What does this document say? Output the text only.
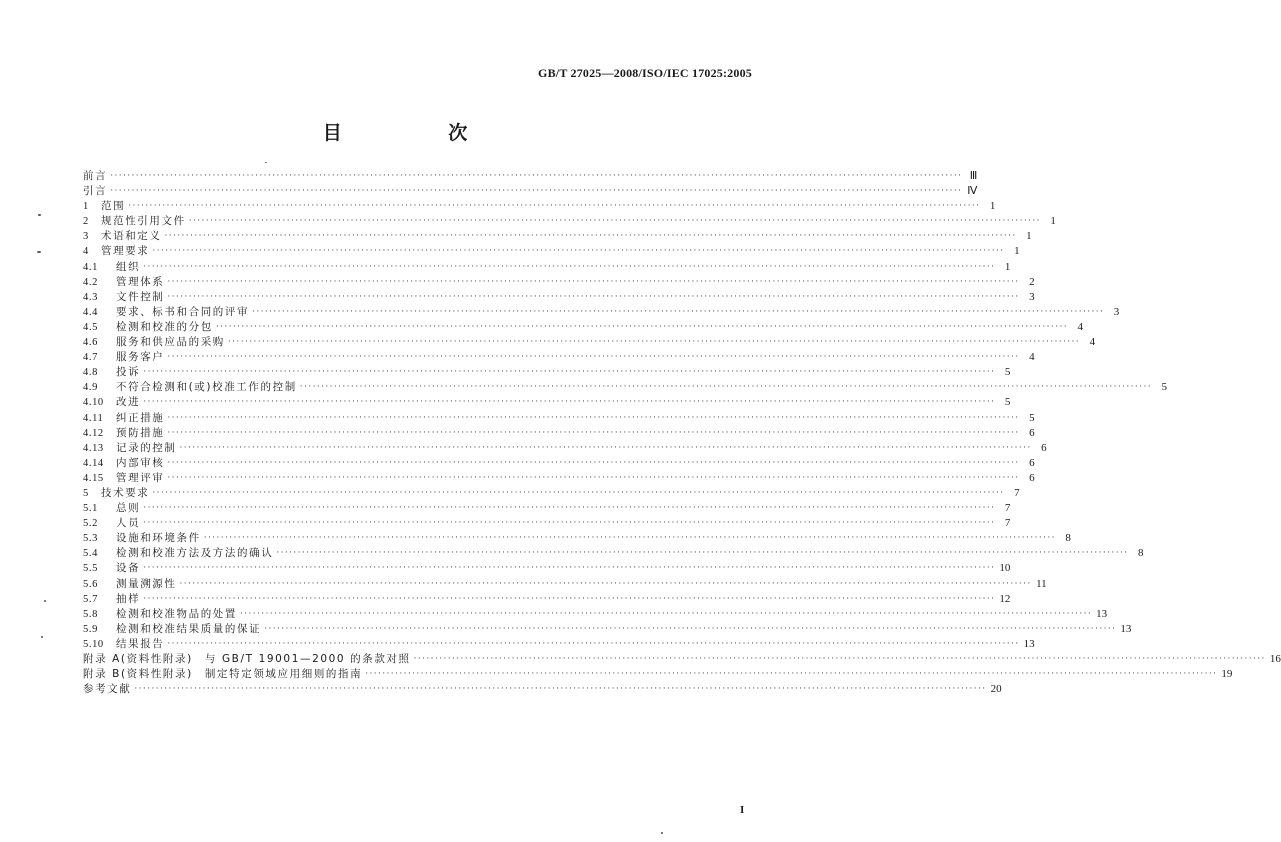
GB/T 27025—2008/ISO/IEC 17025:2005
目 次
前言 ········································································································································································································ Ⅲ
引言 ········································································································································································································ Ⅳ
1	范围 ········································································································································································································ 1
2	规范性引用文件 ········································································································································································································ 1
3	术语和定义 ········································································································································································································ 1
4	管理要求 ········································································································································································································ 1
4.1	组织 ········································································································································································································ 1
4.2	管理体系 ········································································································································································································ 2
4.3	文件控制 ········································································································································································································ 3
4.4	要求、标书和合同的评审 ········································································································································································································ 3
4.5	检测和校准的分包 ········································································································································································································ 4
4.6	服务和供应品的采购 ········································································································································································································ 4
4.7	服务客户 ········································································································································································································ 4
4.8	投诉 ········································································································································································································ 5
4.9	不符合检测和(或)校准工作的控制 ········································································································································································································ 5
4.10	改进 ········································································································································································································ 5
4.11	纠正措施 ········································································································································································································ 5
4.12	预防措施 ········································································································································································································ 6
4.13	记录的控制 ········································································································································································································ 6
4.14	内部审核 ········································································································································································································ 6
4.15	管理评审 ········································································································································································································ 6
5	技术要求 ········································································································································································································ 7
5.1	总则 ········································································································································································································ 7
5.2	人员 ········································································································································································································ 7
5.3	设施和环境条件 ········································································································································································································ 8
5.4	检测和校准方法及方法的确认 ········································································································································································································ 8
5.5	设备 ········································································································································································································ 10
5.6	测量溯源性 ········································································································································································································ 11
5.7	抽样 ········································································································································································································ 12
5.8	检测和校准物品的处置 ········································································································································································································ 13
5.9	检测和校准结果质量的保证 ········································································································································································································ 13
5.10	结果报告 ········································································································································································································ 13
附录 A(资料性附录)　与 GB/T 19001—2000 的条款对照 ········································································································································································································ 16
附录 B(资料性附录)　制定特定领域应用细则的指南 ········································································································································································································ 19
参考文献 ········································································································································································································ 20
I
